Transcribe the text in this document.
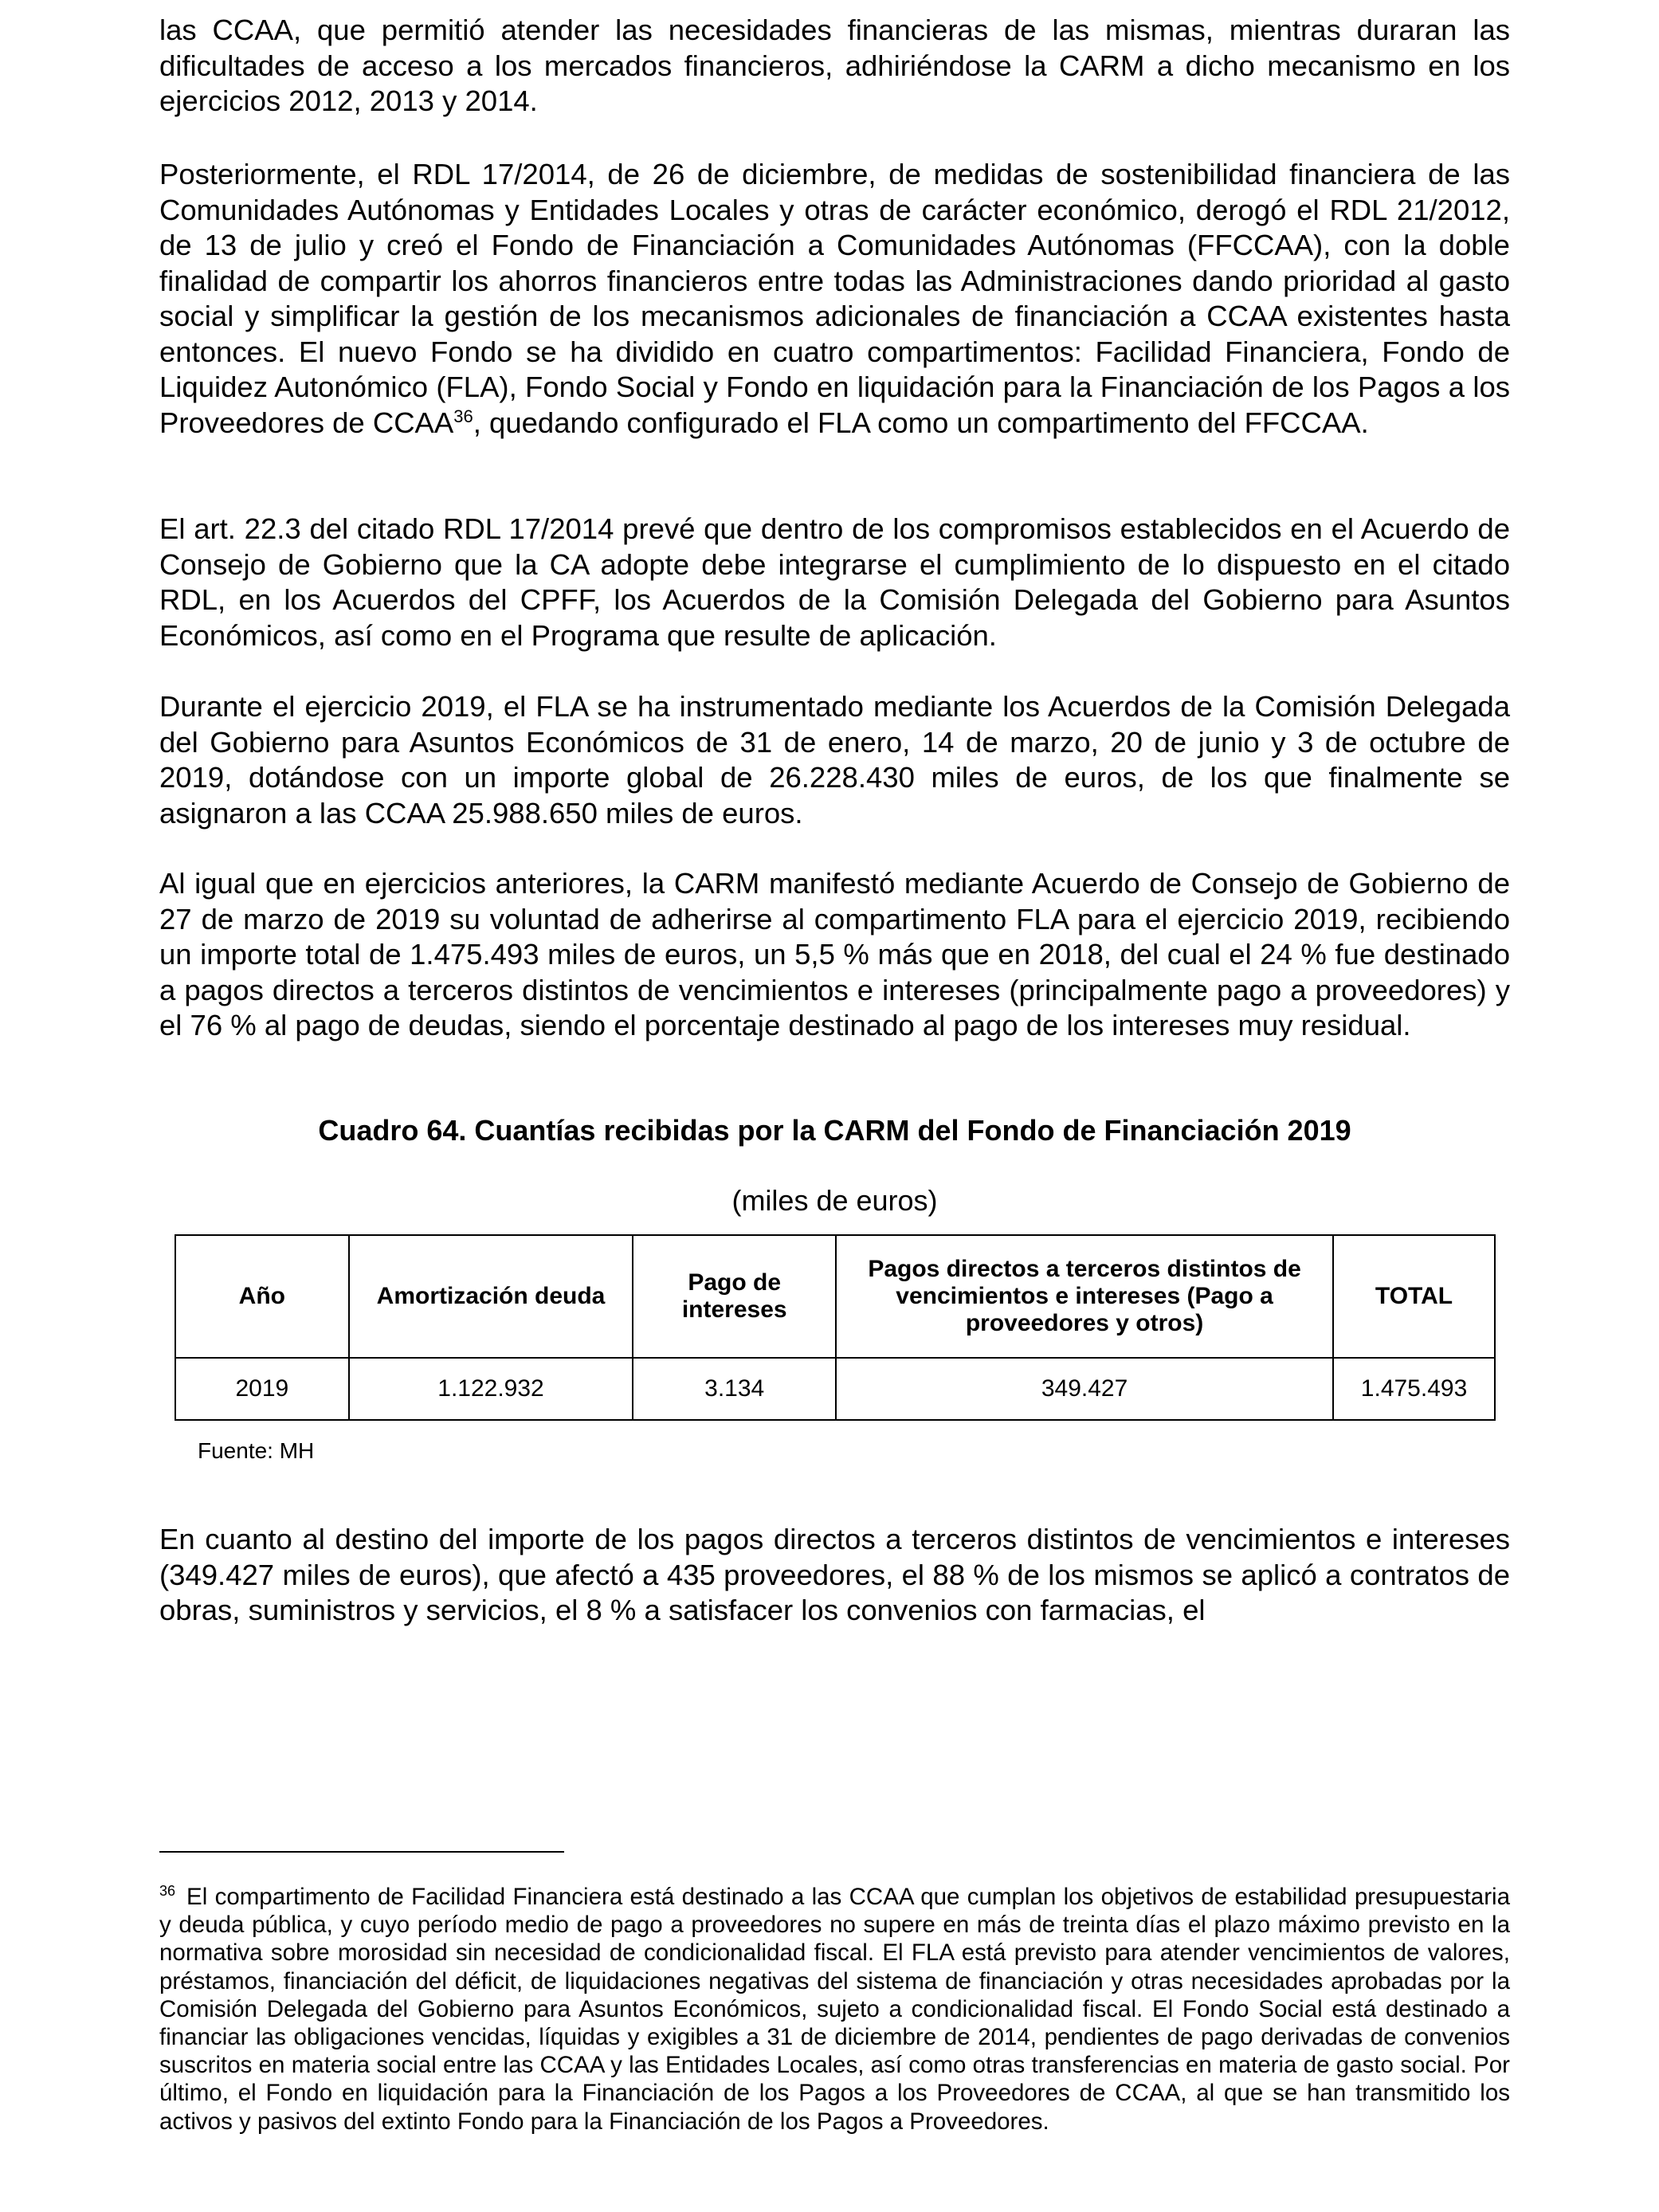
las CCAA, que permitió atender las necesidades financieras de las mismas, mientras duraran las dificultades de acceso a los mercados financieros, adhiriéndose la CARM a dicho mecanismo en los ejercicios 2012, 2013 y 2014.

Posteriormente, el RDL 17/2014, de 26 de diciembre, de medidas de sostenibilidad financiera de las Comunidades Autónomas y Entidades Locales y otras de carácter económico, derogó el RDL 21/2012, de 13 de julio y creó el Fondo de Financiación a Comunidades Autónomas (FFCCAA), con la doble finalidad de compartir los ahorros financieros entre todas las Administraciones dando prioridad al gasto social y simplificar la gestión de los mecanismos adicionales de financiación a CCAA existentes hasta entonces. El nuevo Fondo se ha dividido en cuatro compartimentos: Facilidad Financiera, Fondo de Liquidez Autonómico (FLA), Fondo Social y Fondo en liquidación para la Financiación de los Pagos a los Proveedores de CCAA$^{36}$, quedando configurado el FLA como un compartimento del FFCCAA.

El art. 22.3 del citado RDL 17/2014 prevé que dentro de los compromisos establecidos en el Acuerdo de Consejo de Gobierno que la CA adopte debe integrarse el cumplimiento de lo dispuesto en el citado RDL, en los Acuerdos del CPFF, los Acuerdos de la Comisión Delegada del Gobierno para Asuntos Económicos, así como en el Programa que resulte de aplicación.

Durante el ejercicio 2019, el FLA se ha instrumentado mediante los Acuerdos de la Comisión Delegada del Gobierno para Asuntos Económicos de 31 de enero, 14 de marzo, 20 de junio y 3 de octubre de 2019, dotándose con un importe global de 26.228.430 miles de euros, de los que finalmente se asignaron a las CCAA 25.988.650 miles de euros.

Al igual que en ejercicios anteriores, la CARM manifestó mediante Acuerdo de Consejo de Gobierno de 27 de marzo de 2019 su voluntad de adherirse al compartimento FLA para el ejercicio 2019, recibiendo un importe total de 1.475.493 miles de euros, un 5,5 % más que en 2018, del cual el 24 % fue destinado a pagos directos a terceros distintos de vencimientos e intereses (principalmente pago a proveedores) y el 76 % al pago de deudas, siendo el porcentaje destinado al pago de los intereses muy residual.

Cuadro 64. Cuantías recibidas por la CARM del Fondo de Financiación 2019

(miles de euros)

Año	Amortización deuda	Pago de intereses	Pagos directos a terceros distintos de vencimientos e intereses (Pago a proveedores y otros)	TOTAL
2019	1.122.932	3.134	349.427	1.475.493

Fuente: MH

En cuanto al destino del importe de los pagos directos a terceros distintos de vencimientos e intereses (349.427 miles de euros), que afectó a 435 proveedores, el 88 % de los mismos se aplicó a contratos de obras, suministros y servicios, el 8 % a satisfacer los convenios con farmacias, el

$^{36}$ El compartimento de Facilidad Financiera está destinado a las CCAA que cumplan los objetivos de estabilidad presupuestaria y deuda pública, y cuyo período medio de pago a proveedores no supere en más de treinta días el plazo máximo previsto en la normativa sobre morosidad sin necesidad de condicionalidad fiscal. El FLA está previsto para atender vencimientos de valores, préstamos, financiación del déficit, de liquidaciones negativas del sistema de financiación y otras necesidades aprobadas por la Comisión Delegada del Gobierno para Asuntos Económicos, sujeto a condicionalidad fiscal. El Fondo Social está destinado a financiar las obligaciones vencidas, líquidas y exigibles a 31 de diciembre de 2014, pendientes de pago derivadas de convenios suscritos en materia social entre las CCAA y las Entidades Locales, así como otras transferencias en materia de gasto social. Por último, el Fondo en liquidación para la Financiación de los Pagos a los Proveedores de CCAA, al que se han transmitido los activos y pasivos del extinto Fondo para la Financiación de los Pagos a Proveedores.
